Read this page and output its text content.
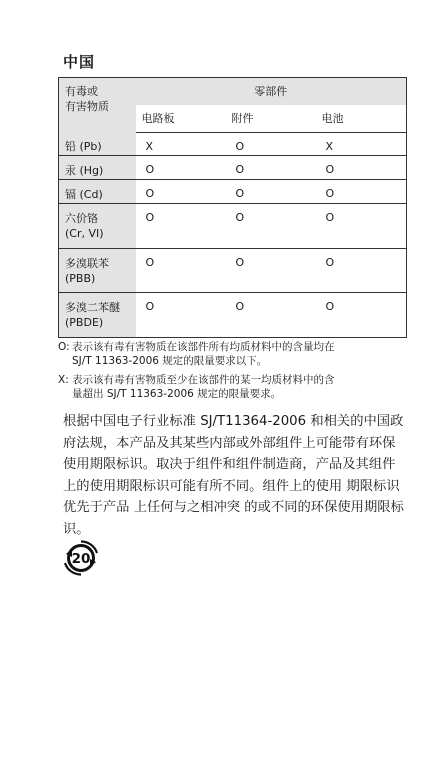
中国
有毒或
有害物质	零部件		
	电路板	附件	电池
铅 (Pb)	X	O	X
汞 (Hg)	O	O	O
镉 (Cd)	O	O	O

六价铬
(Cr, VI)	O	O	O

多溴联苯
(PBB)	O	O	O

多溴二苯醚
(PBDE)	O	O	O
O: 表示该有毒有害物质在该部件所有均质材料中的含量均在
SJ/T 11363-2006 规定的限量要求以下。
X: 表示该有毒有害物质至少在该部件的某一均质材料中的含
量超出 SJ/T 11363-2006 规定的限量要求。
根据中国电子行业标准 SJ/T11364-2006 和相关的中国政府法规，本产品及其某些内部或外部组件上可能带有环保使用期限标识。取决于组件和组件制造商，产品及其组件上的使用期限标识可能有所不同。组件上的使用 期限标识 优先于产品 上任何与之相冲突 的或不同的环保使用期限标识。
20
